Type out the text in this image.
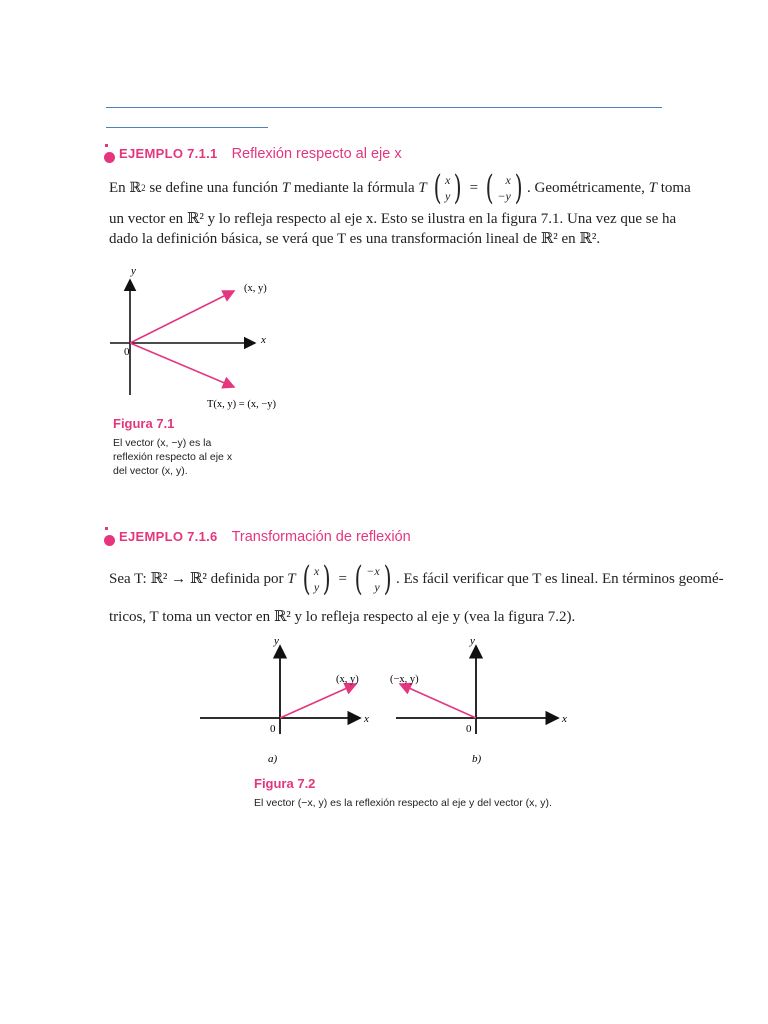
EJEMPLO 7.1.1 Reflexión respecto al eje x
En ℝ 2 se define una función T mediante la fórmula T ( x
y ) = ( x
−y ) . Geométricamente, T toma
un vector en ℝ² y lo refleja respecto al eje x. Esto se ilustra en la figura 7.1. Una vez que se ha
dado la definición básica, se verá que T es una transformación lineal de ℝ² en ℝ².
y
x
0
(x, y)
T(x, y) = (x, −y)
Figura 7.1
El vector (x, −y) es la
reflexión respecto al eje x
del vector (x, y).
EJEMPLO 7.1.6 Transformación de reflexión
Sea T: ℝ² → ℝ² definida por T ( x
y ) = ( −x
y ) . Es fácil verificar que T es lineal. En términos geomé-
tricos, T toma un vector en ℝ² y lo refleja respecto al eje y (vea la figura 7.2).
y
x
0
(x, y)
a)
y
x
0
(−x, y)
b)
Figura 7.2
El vector (−x, y) es la reflexión respecto al eje y del vector (x, y).
